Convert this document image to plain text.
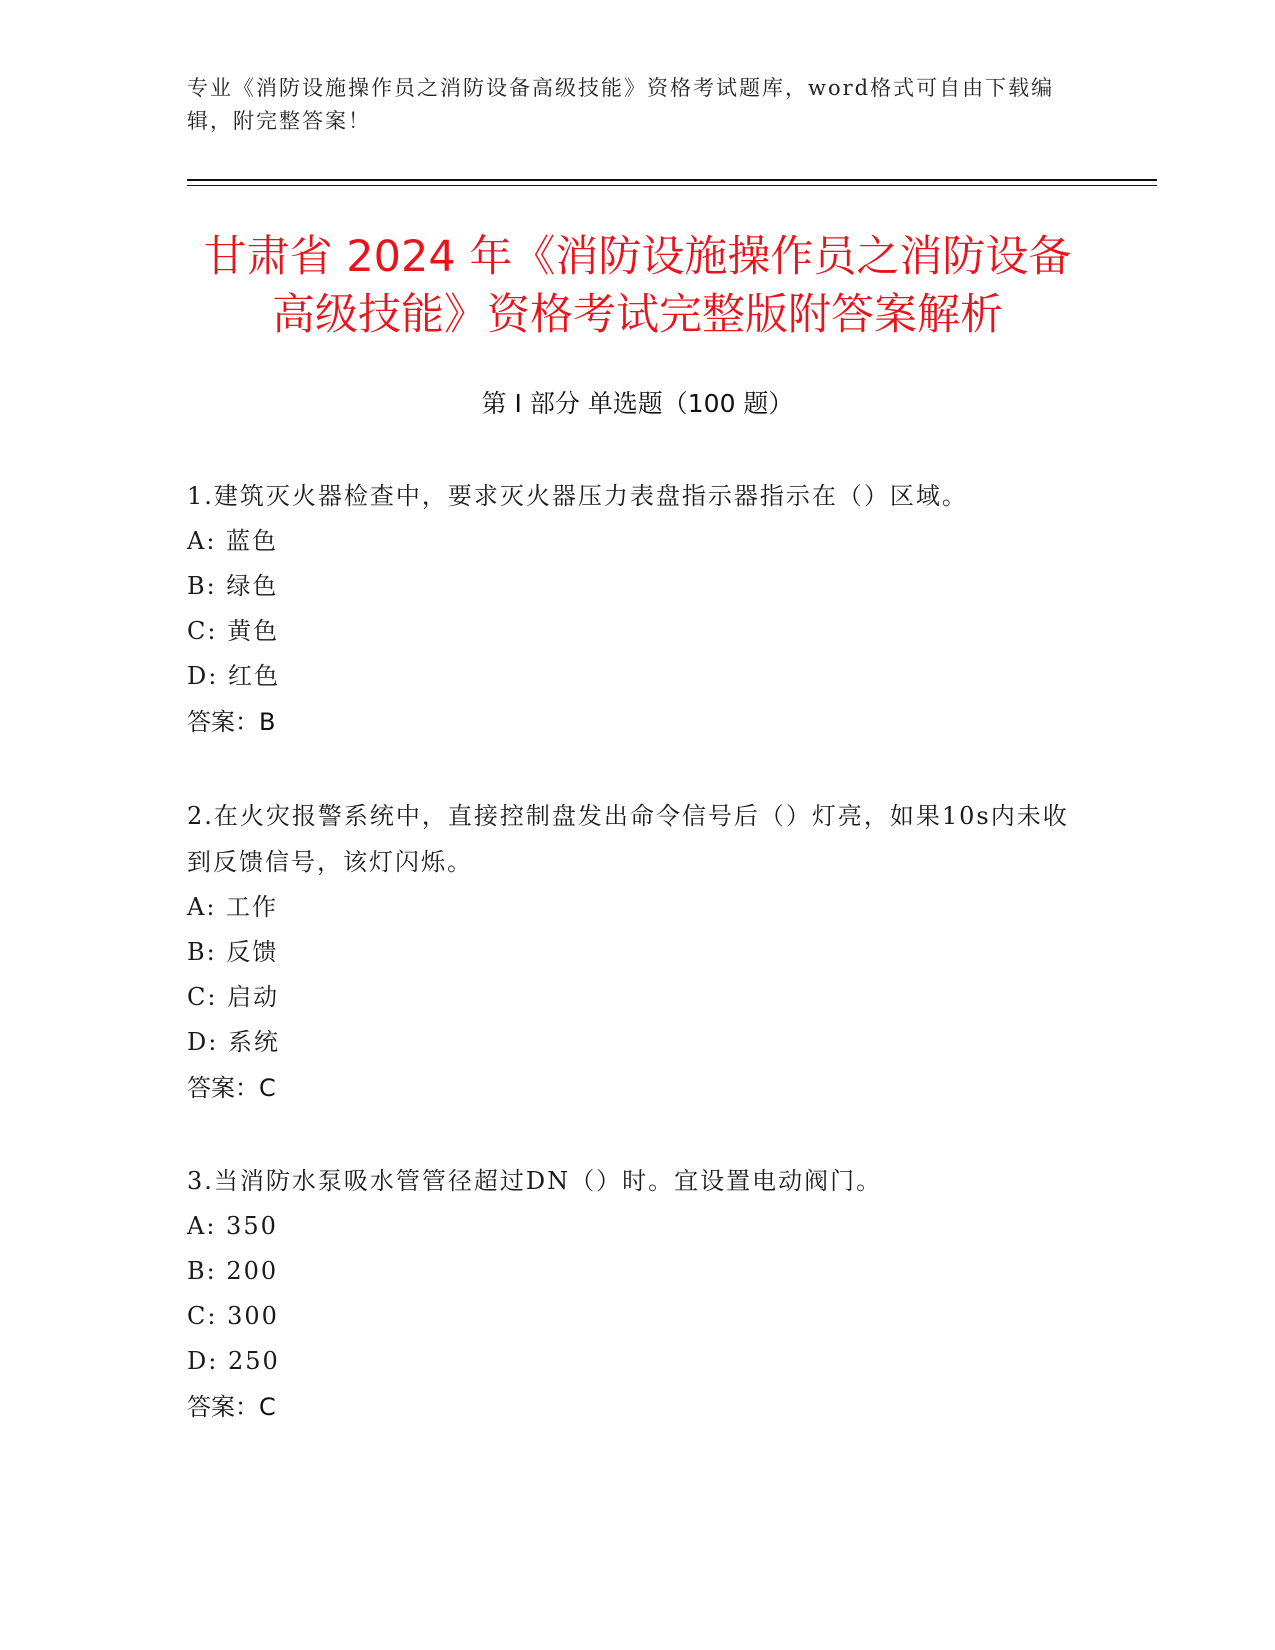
专业《消防设施操作员之消防设备高级技能》资格考试题库，word格式可自由下载编辑，附完整答案！
甘肃省 2024 年《消防设施操作员之消防设备
高级技能》资格考试完整版附答案解析
第 I 部分 单选题（100 题）
1.建筑灭火器检查中，要求灭火器压力表盘指示器指示在（）区域。
A: 蓝色
B: 绿色
C: 黄色
D: 红色
答案：B
2.在火灾报警系统中，直接控制盘发出命令信号后（）灯亮，如果10s内未收到反馈信号，该灯闪烁。
A: 工作
B: 反馈
C: 启动
D: 系统
答案：C
3.当消防水泵吸水管管径超过DN（）时。宜设置电动阀门。
A: 350
B: 200
C: 300
D: 250
答案：C
